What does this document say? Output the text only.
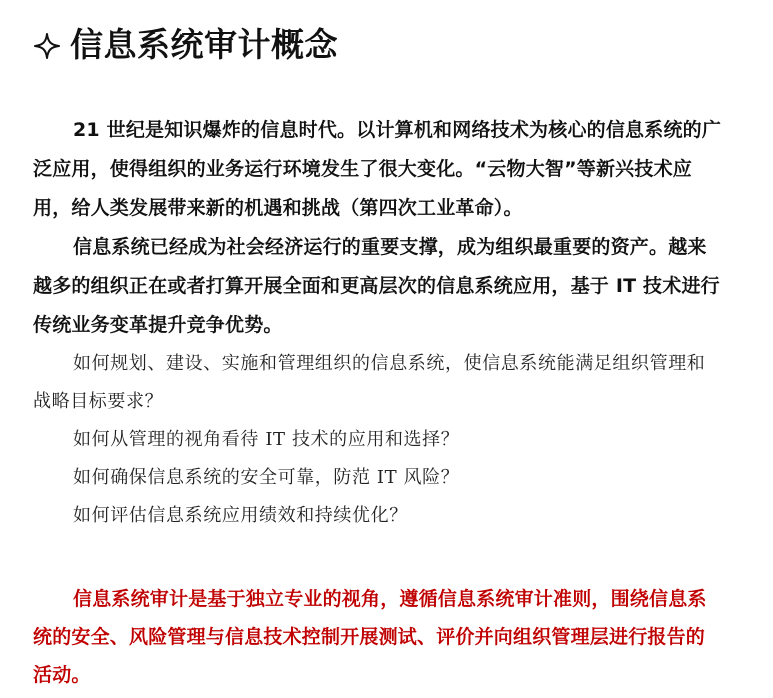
信息系统审计概念

21 世纪是知识爆炸的信息时代。以计算机和网络技术为核心的信息系统的广泛应用，使得组织的业务运行环境发生了很大变化。“云物大智”等新兴技术应用，给人类发展带来新的机遇和挑战（第四次工业革命）。

信息系统已经成为社会经济运行的重要支撑，成为组织最重要的资产。越来越多的组织正在或者打算开展全面和更高层次的信息系统应用，基于 IT 技术进行传统业务变革提升竞争优势。

如何规划、建设、实施和管理组织的信息系统，使信息系统能满足组织管理和战略目标要求？

如何从管理的视角看待 IT 技术的应用和选择？

如何确保信息系统的安全可靠，防范 IT 风险？

如何评估信息系统应用绩效和持续优化？

信息系统审计是基于独立专业的视角，遵循信息系统审计准则，围绕信息系统的安全、风险管理与信息技术控制开展测试、评价并向组织管理层进行报告的活动。
